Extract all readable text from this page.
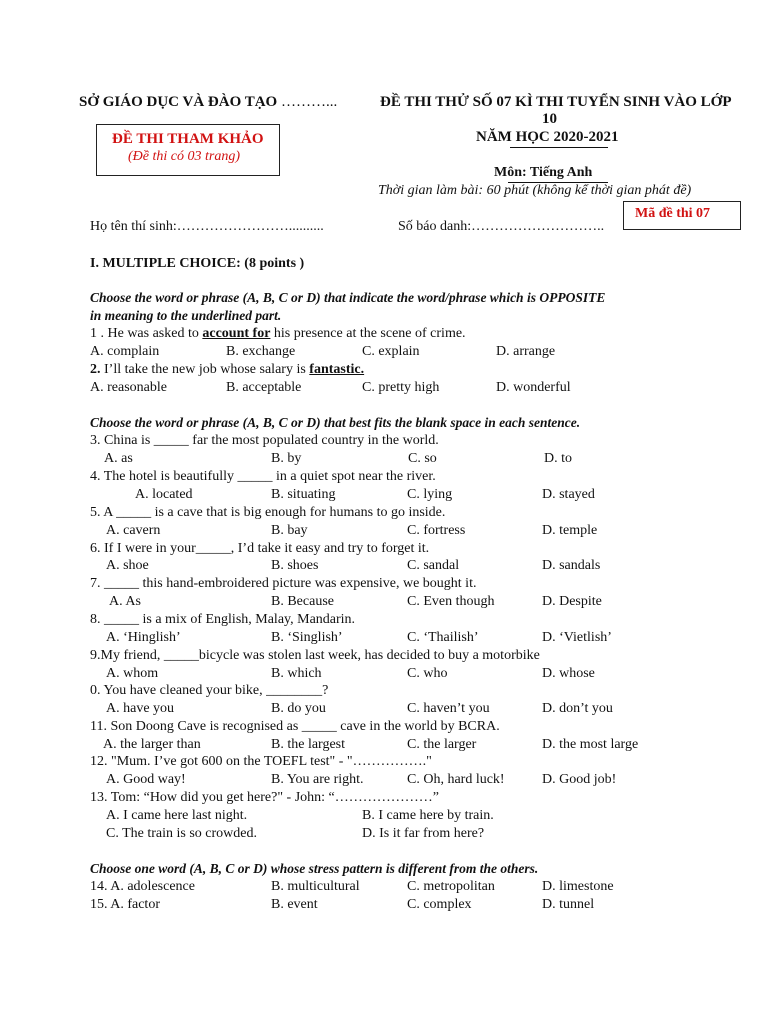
SỞ GIÁO DỤC VÀ ĐÀO TẠO ………...
ĐỀ THI THAM KHẢO
(Đề thi có 03 trang)
ĐỀ THI THỬ SỐ 07 KÌ THI TUYỂN SINH VÀO LỚP
10
NĂM HỌC 2020-2021
Môn: Tiếng Anh
Thời gian làm bài: 60 phút (không kể thời gian phát đề)
Mã đề thi 07
Họ tên thí sinh:……………………..........	Số báo danh:………………………..
I. MULTIPLE CHOICE: (8 points )
Choose the word or phrase (A, B, C or D) that indicate the word/phrase which is OPPOSITE
in meaning to the underlined part.
1 . He was asked to account for his presence at the scene of crime.
A. complain	B. exchange	C. explain	D. arrange
2. I’ll take the new job whose salary is fantastic.
A. reasonable	B. acceptable	C. pretty high	D. wonderful
Choose the word or phrase (A, B, C or D) that best fits the blank space in each sentence.
3. China is _____ far the most populated country in the world.
A. as	B. by	C. so	D. to
4. The hotel is beautifully _____ in a quiet spot near the river.
A. located	B. situating	C. lying	D. stayed
5. A _____ is a cave that is big enough for humans to go inside.
A. cavern	B. bay	C. fortress	D. temple
6. If I were in your_____, I’d take it easy and try to forget it.
A. shoe	B. shoes	C. sandal	D. sandals
7. _____ this hand-embroidered picture was expensive, we bought it.
A. As	B. Because	C. Even though	D. Despite
8. _____ is a mix of English, Malay, Mandarin.
A. ‘Hinglish’	B. ‘Singlish’	C. ‘Thailish’	D. ‘Vietlish’
9.My friend, _____bicycle was stolen last week, has decided to buy a motorbike
A. whom	B. which	C. who	D. whose
0. You have cleaned your bike, ________?
A. have you	B. do you	C. haven’t you	D. don’t you
11. Son Doong Cave is recognised as _____ cave in the world by BCRA.
A. the larger than	B. the largest	C. the larger	D. the most large
12. "Mum. I’ve got 600 on the TOEFL test" - "……………."
A. Good way!	B. You are right.	C. Oh, hard luck!	D. Good job!
13. Tom: “How did you get here?" - John: “…………………”
A. I came here last night.	B. I came here by train.
C. The train is so crowded.	D. Is it far from here?
Choose one word (A, B, C or D) whose stress pattern is different from the others.
14. A. adolescence	B. multicultural	C. metropolitan	D. limestone
15. A. factor	B. event	C. complex	D. tunnel
